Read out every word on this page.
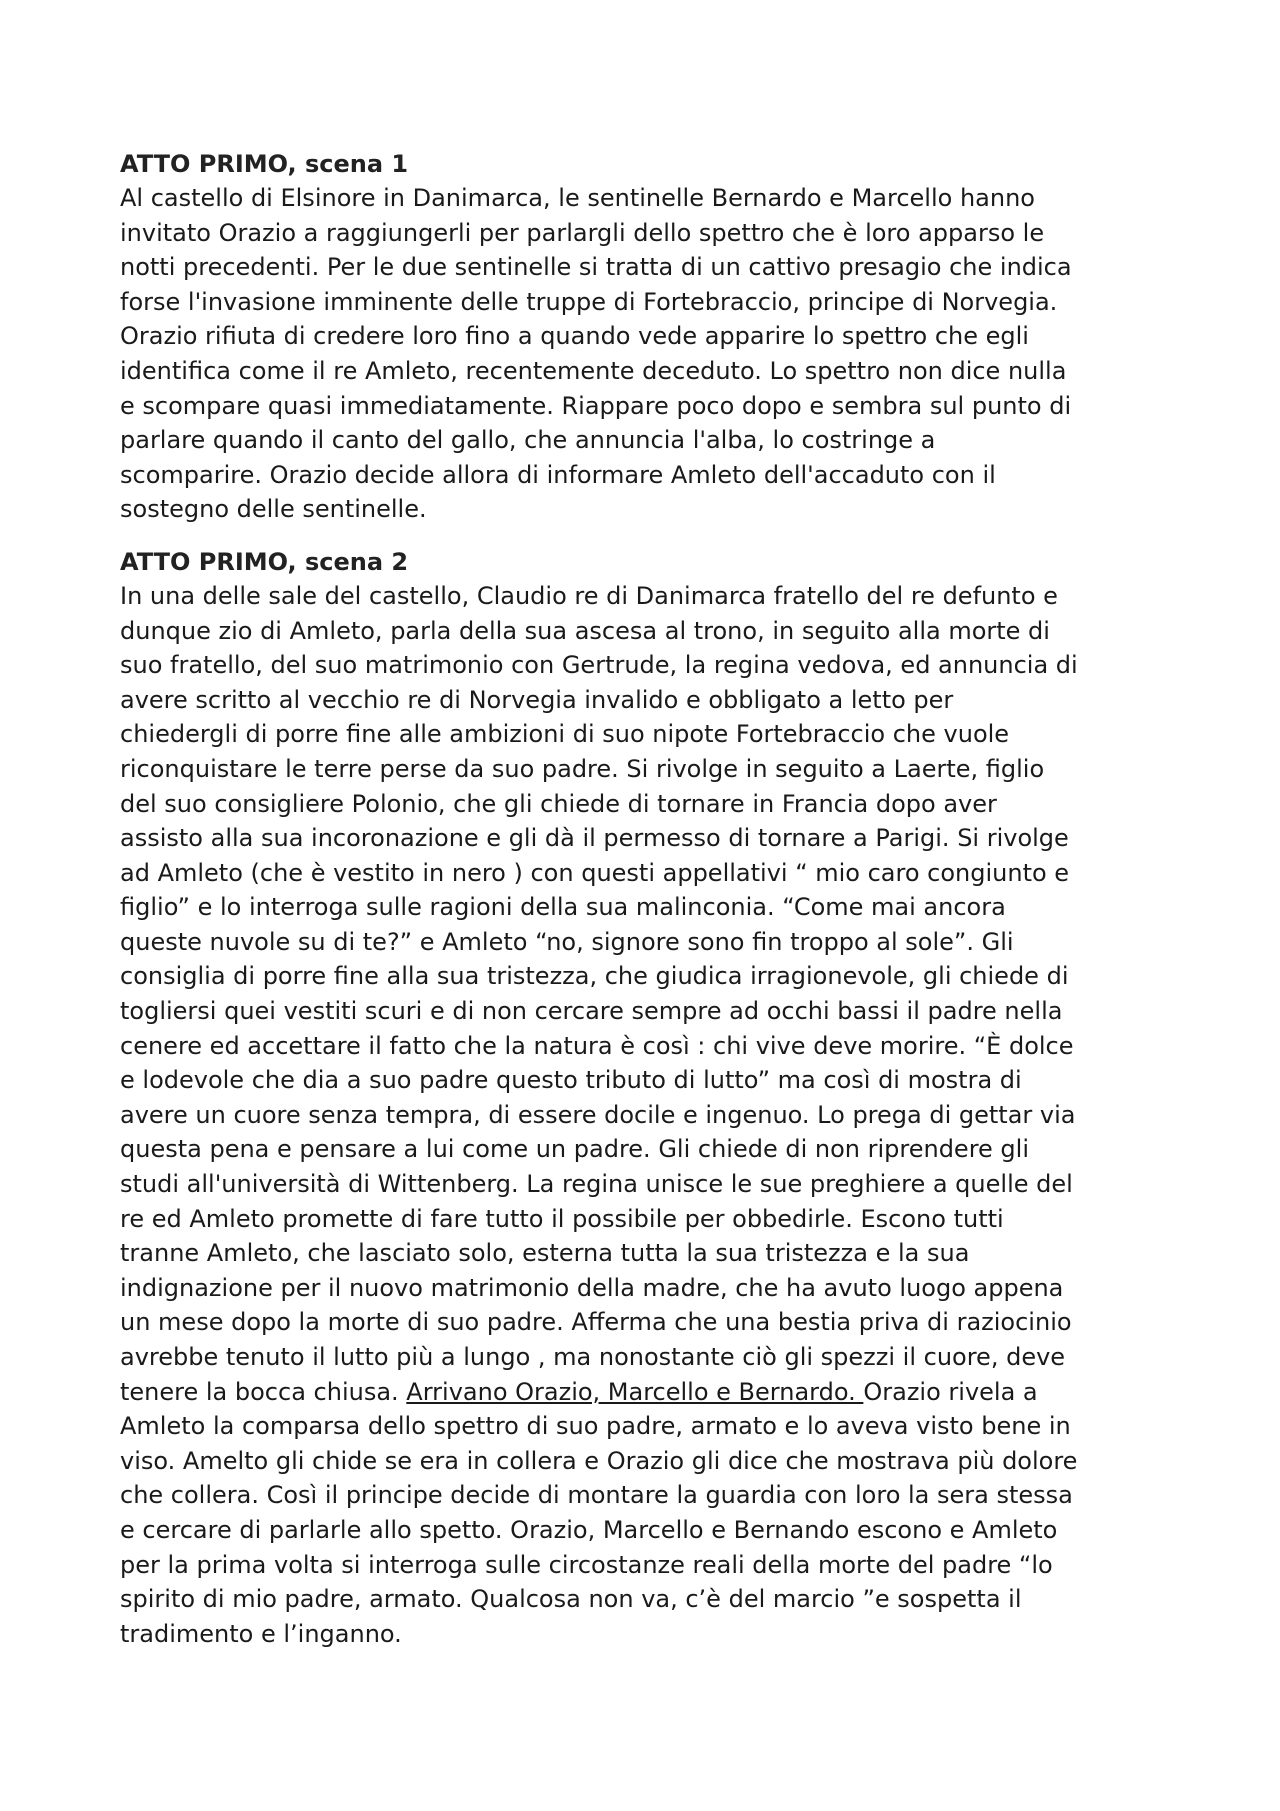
ATTO PRIMO, scena 1

Al castello di Elsinore in Danimarca, le sentinelle Bernardo e Marcello hanno
invitato Orazio a raggiungerli per parlargli dello spettro che è loro apparso le
notti precedenti. Per le due sentinelle si tratta di un cattivo presagio che indica
forse l'invasione imminente delle truppe di Fortebraccio, principe di Norvegia.
Orazio rifiuta di credere loro fino a quando vede apparire lo spettro che egli
identifica come il re Amleto, recentemente deceduto. Lo spettro non dice nulla
e scompare quasi immediatamente. Riappare poco dopo e sembra sul punto di
parlare quando il canto del gallo, che annuncia l'alba, lo costringe a
scomparire. Orazio decide allora di informare Amleto dell'accaduto con il
sostegno delle sentinelle.

ATTO PRIMO, scena 2

In una delle sale del castello, Claudio re di Danimarca fratello del re defunto e
dunque zio di Amleto, parla della sua ascesa al trono, in seguito alla morte di
suo fratello, del suo matrimonio con Gertrude, la regina vedova, ed annuncia di
avere scritto al vecchio re di Norvegia invalido e obbligato a letto per
chiedergli di porre fine alle ambizioni di suo nipote Fortebraccio che vuole
riconquistare le terre perse da suo padre. Si rivolge in seguito a Laerte, figlio
del suo consigliere Polonio, che gli chiede di tornare in Francia dopo aver
assisto alla sua incoronazione e gli dà il permesso di tornare a Parigi. Si rivolge
ad Amleto (che è vestito in nero ) con questi appellativi “ mio caro congiunto e
figlio” e lo interroga sulle ragioni della sua malinconia. “Come mai ancora
queste nuvole su di te?” e Amleto “no, signore sono fin troppo al sole”. Gli
consiglia di porre fine alla sua tristezza, che giudica irragionevole, gli chiede di
togliersi quei vestiti scuri e di non cercare sempre ad occhi bassi il padre nella
cenere ed accettare il fatto che la natura è così : chi vive deve morire. “È dolce
e lodevole che dia a suo padre questo tributo di lutto” ma così di mostra di
avere un cuore senza tempra, di essere docile e ingenuo. Lo prega di gettar via
questa pena e pensare a lui come un padre. Gli chiede di non riprendere gli
studi all'università di Wittenberg. La regina unisce le sue preghiere a quelle del
re ed Amleto promette di fare tutto il possibile per obbedirle. Escono tutti
tranne Amleto, che lasciato solo, esterna tutta la sua tristezza e la sua
indignazione per il nuovo matrimonio della madre, che ha avuto luogo appena
un mese dopo la morte di suo padre. Afferma che una bestia priva di raziocinio
avrebbe tenuto il lutto più a lungo , ma nonostante ciò gli spezzi il cuore, deve
tenere la bocca chiusa. Arrivano Orazio, Marcello e Bernardo. Orazio rivela a
Amleto la comparsa dello spettro di suo padre, armato e lo aveva visto bene in
viso. Amelto gli chide se era in collera e Orazio gli dice che mostrava più dolore
che collera. Così il principe decide di montare la guardia con loro la sera stessa
e cercare di parlarle allo spetto. Orazio, Marcello e Bernando escono e Amleto
per la prima volta si interroga sulle circostanze reali della morte del padre “lo
spirito di mio padre, armato. Qualcosa non va, c’è del marcio ”e sospetta il
tradimento e l’inganno.
